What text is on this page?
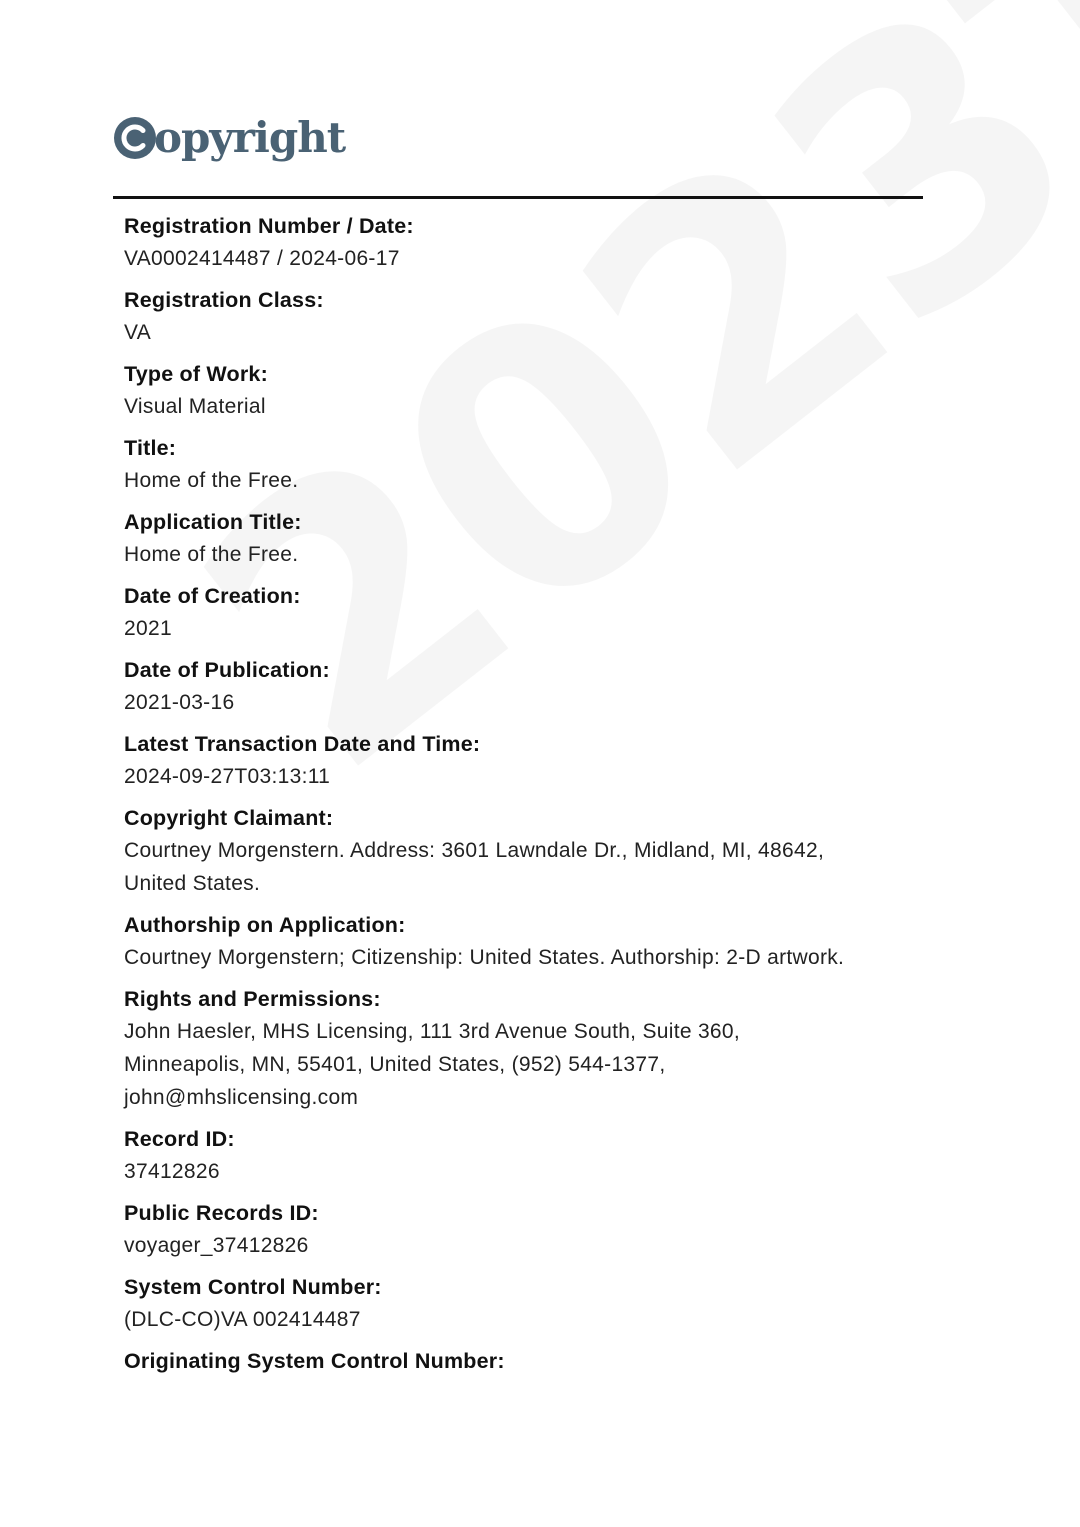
opyright
Registration Number / Date:
VA0002414487 / 2024-06-17
Registration Class:
VA
Type of Work:
Visual Material
Title:
Home of the Free.
Application Title:
Home of the Free.
Date of Creation:
2021
Date of Publication:
2021-03-16
Latest Transaction Date and Time:
2024-09-27T03:13:11
Copyright Claimant:
Courtney Morgenstern. Address: 3601 Lawndale Dr., Midland, MI, 48642,
United States.
Authorship on Application:
Courtney Morgenstern; Citizenship: United States. Authorship: 2-D artwork.
Rights and Permissions:
John Haesler, MHS Licensing, 111 3rd Avenue South, Suite 360,
Minneapolis, MN, 55401, United States, (952) 544-1377,
john@mhslicensing.com
Record ID:
37412826
Public Records ID:
voyager_37412826
System Control Number:
(DLC-CO)VA 002414487
Originating System Control Number:
